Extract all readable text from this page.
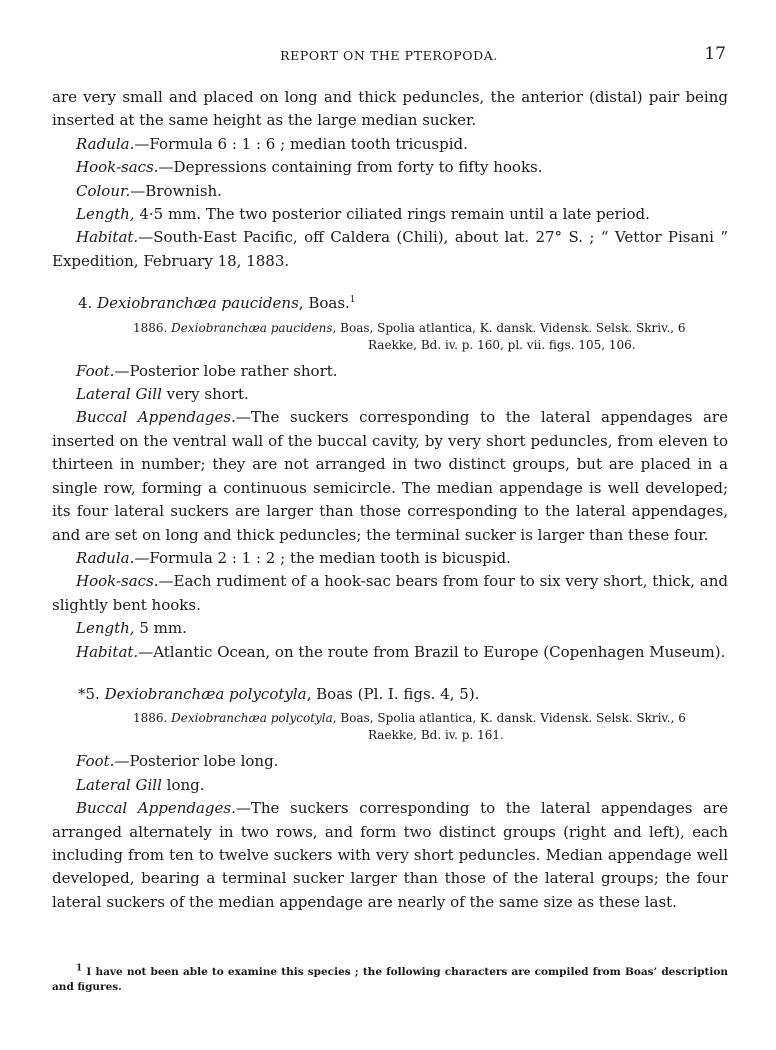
REPORT ON THE PTEROPODA.	17

are very small and placed on long and thick peduncles, the anterior (distal) pair being inserted at the same height as the large median sucker.

Radula.—Formula 6 : 1 : 6 ; median tooth tricuspid.

Hook-sacs.—Depressions containing from forty to fifty hooks.

Colour.—Brownish.

Length, 4·5 mm. The two posterior ciliated rings remain until a late period.

Habitat.—South-East Pacific, off Caldera (Chili), about lat. 27° S. ; “ Vettor Pisani ” Expedition, February 18, 1883.

4. Dexiobranchæa paucidens, Boas.$^1$

1886. Dexiobranchæa paucidens, Boas, Spolia atlantica, K. dansk. Vidensk. Selsk. Skriv., 6
Raekke, Bd. iv. p. 160, pl. vii. figs. 105, 106.

Foot.—Posterior lobe rather short.

Lateral Gill very short.

Buccal Appendages.—The suckers corresponding to the lateral appendages are inserted on the ventral wall of the buccal cavity, by very short peduncles, from eleven to thirteen in number; they are not arranged in two distinct groups, but are placed in a single row, forming a continuous semicircle. The median appendage is well developed; its four lateral suckers are larger than those corresponding to the lateral appendages, and are set on long and thick peduncles; the terminal sucker is larger than these four.

Radula.—Formula 2 : 1 : 2 ; the median tooth is bicuspid.

Hook-sacs.—Each rudiment of a hook-sac bears from four to six very short, thick, and slightly bent hooks.

Length, 5 mm.

Habitat.—Atlantic Ocean, on the route from Brazil to Europe (Copenhagen Museum).

*5. Dexiobranchæa polycotyla, Boas (Pl. I. figs. 4, 5).

1886. Dexiobranchæa polycotyla, Boas, Spolia atlantica, K. dansk. Vidensk. Selsk. Skriv., 6
Raekke, Bd. iv. p. 161.

Foot.—Posterior lobe long.

Lateral Gill long.

Buccal Appendages.—The suckers corresponding to the lateral appendages are arranged alternately in two rows, and form two distinct groups (right and left), each including from ten to twelve suckers with very short peduncles. Median appendage well developed, bearing a terminal sucker larger than those of the lateral groups; the four lateral suckers of the median appendage are nearly of the same size as these last.

$^1$ I have not been able to examine this species ; the following characters are compiled from Boas’ description and figures.
